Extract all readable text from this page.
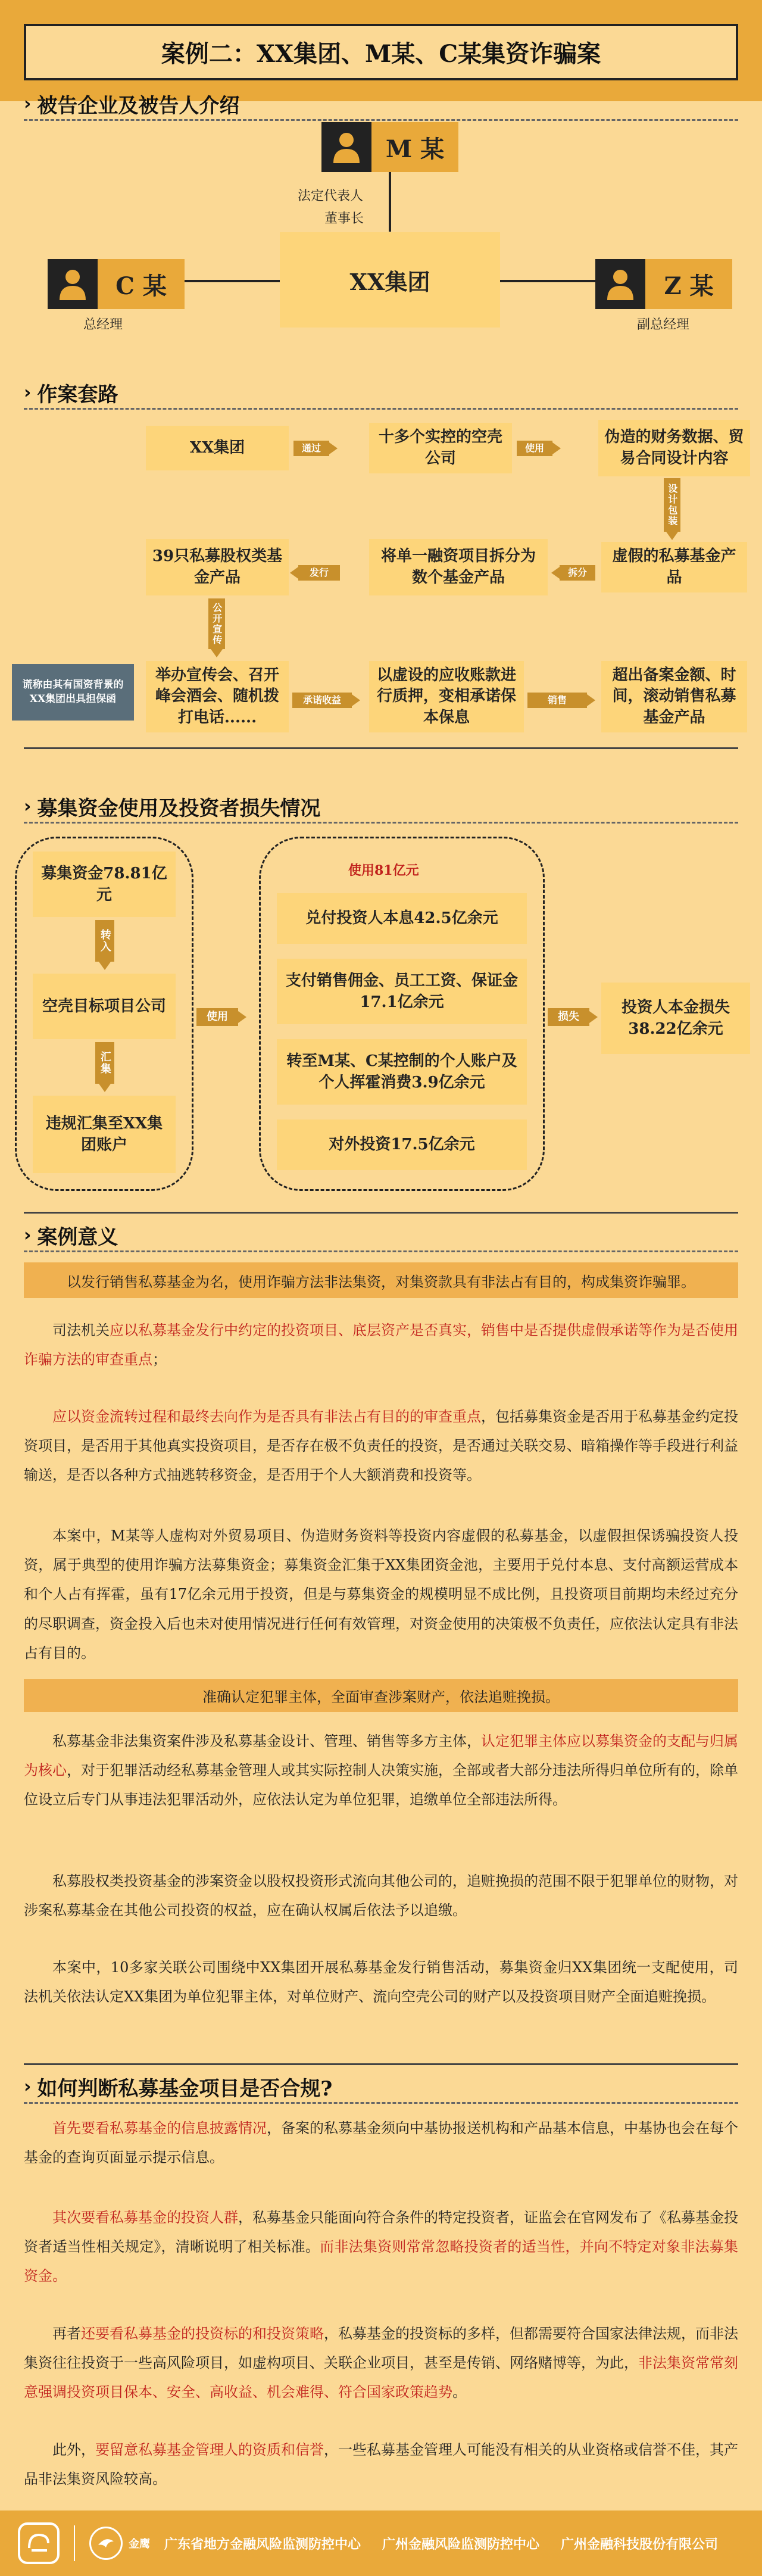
案例二：XX集团、M某、C某集资诈骗案
› 被告企业及被告人介绍
M 某
法定代表人
董事长
XX集团
C 某
总经理
Z 某
副总经理
› 作案套路
XX集团	通过
十多个实控的空壳公司
使用
伪造的财务数据、贸易合同设计内容
设计包装
虚假的私募基金产品
拆分
将单一融资项目拆分为数个基金产品
发行
39只私募股权类基金产品
公开宣传
谎称由其有国资背景的XX集团出具担保函
举办宣传会、召开峰会酒会、随机拨打电话......
承诺收益
以虚设的应收账款进行质押，变相承诺保本保息
销售
超出备案金额、时间，滚动销售私募基金产品
› 募集资金使用及投资者损失情况
募集资金78.81亿元
转入
空壳目标项目公司
汇集
违规汇集至XX集团账户
使用
使用81亿元
兑付投资人本息42.5亿余元
支付销售佣金、员工工资、保证金17.1亿余元
转至M某、C某控制的个人账户及个人挥霍消费3.9亿余元
对外投资17.5亿余元
损失
投资人本金损失38.22亿余元
› 案例意义
以发行销售私募基金为名，使用诈骗方法非法集资，对集资款具有非法占有目的，构成集资诈骗罪。
司法机关应以私募基金发行中约定的投资项目、底层资产是否真实，销售中是否提供虚假承诺等作为是否使用诈骗方法的审查重点；
应以资金流转过程和最终去向作为是否具有非法占有目的的审查重点，包括募集资金是否用于私募基金约定投资项目，是否用于其他真实投资项目，是否存在极不负责任的投资，是否通过关联交易、暗箱操作等手段进行利益输送，是否以各种方式抽逃转移资金，是否用于个人大额消费和投资等。
本案中，M某等人虚构对外贸易项目、伪造财务资料等投资内容虚假的私募基金，以虚假担保诱骗投资人投资，属于典型的使用诈骗方法募集资金；募集资金汇集于XX集团资金池，主要用于兑付本息、支付高额运营成本和个人占有挥霍，虽有17亿余元用于投资，但是与募集资金的规模明显不成比例，且投资项目前期均未经过充分的尽职调查，资金投入后也未对使用情况进行任何有效管理，对资金使用的决策极不负责任，应依法认定具有非法占有目的。
准确认定犯罪主体，全面审查涉案财产，依法追赃挽损。
私募基金非法集资案件涉及私募基金设计、管理、销售等多方主体，认定犯罪主体应以募集资金的支配与归属为核心，对于犯罪活动经私募基金管理人或其实际控制人决策实施，全部或者大部分违法所得归单位所有的，除单位设立后专门从事违法犯罪活动外，应依法认定为单位犯罪，追缴单位全部违法所得。
私募股权类投资基金的涉案资金以股权投资形式流向其他公司的，追赃挽损的范围不限于犯罪单位的财物，对涉案私募基金在其他公司投资的权益，应在确认权属后依法予以追缴。
本案中，10多家关联公司围绕中XX集团开展私募基金发行销售活动，募集资金归XX集团统一支配使用，司法机关依法认定XX集团为单位犯罪主体，对单位财产、流向空壳公司的财产以及投资项目财产全面追赃挽损。
› 如何判断私募基金项目是否合规?
首先要看私募基金的信息披露情况，备案的私募基金须向中基协报送机构和产品基本信息，中基协也会在每个基金的查询页面显示提示信息。
其次要看私募基金的投资人群，私募基金只能面向符合条件的特定投资者，证监会在官网发布了《私募基金投资者适当性相关规定》，清晰说明了相关标准。而非法集资则常常忽略投资者的适当性，并向不特定对象非法募集资金。
再者还要看私募基金的投资标的和投资策略，私募基金的投资标的多样，但都需要符合国家法律法规，而非法集资往往投资于一些高风险项目，如虚构项目、关联企业项目，甚至是传销、网络赌博等，为此，非法集资常常刻意强调投资项目保本、安全、高收益、机会难得、符合国家政策趋势。
此外，要留意私募基金管理人的资质和信誉，一些私募基金管理人可能没有相关的从业资格或信誉不佳，其产品非法集资风险较高。
金鹰 广东省地方金融风险监测防控中心 广州金融风险监测防控中心 广州金融科技股份有限公司
